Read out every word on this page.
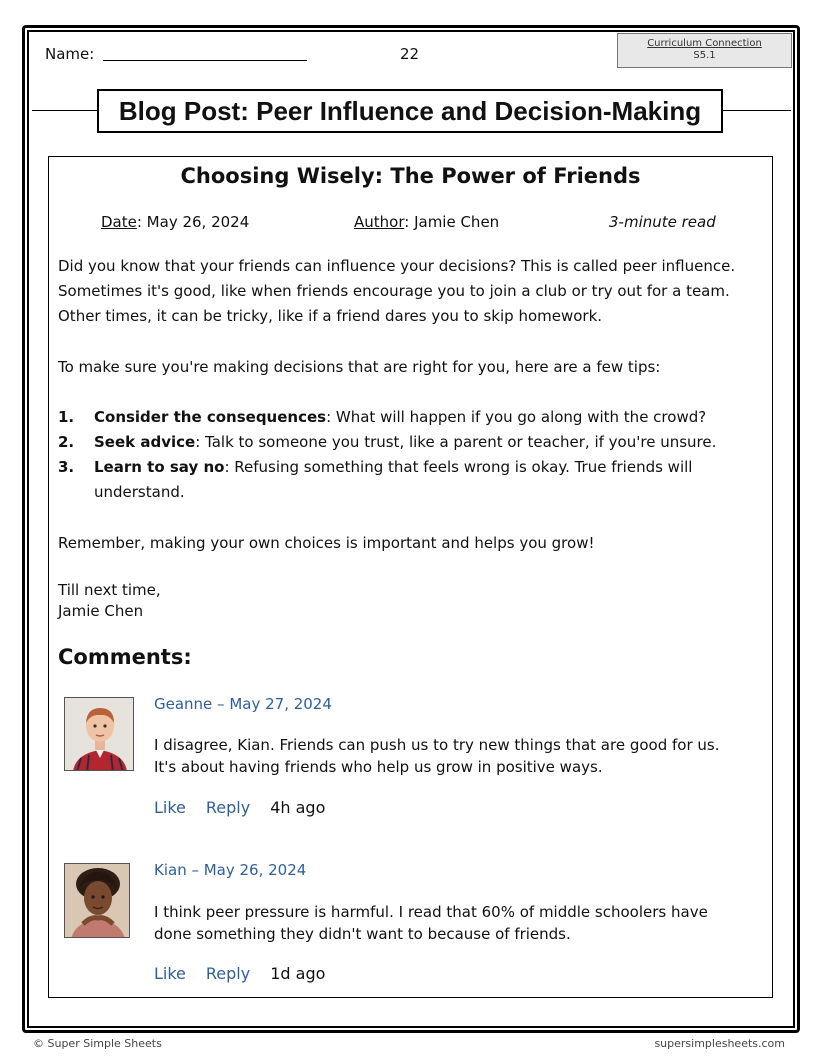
Name:	22
Curriculum Connection
S5.1
Blog Post: Peer Influence and Decision-Making
Choosing Wisely: The Power of Friends
Date: May 26, 2024	Author: Jamie Chen	3-minute read
Did you know that your friends can influence your decisions? This is called peer influence.
Sometimes it's good, like when friends encourage you to join a club or try out for a team.
Other times, it can be tricky, like if a friend dares you to skip homework.
To make sure you're making decisions that are right for you, here are a few tips:
1. Consider the consequences: What will happen if you go along with the crowd?
2. Seek advice: Talk to someone you trust, like a parent or teacher, if you're unsure.
3. Learn to say no: Refusing something that feels wrong is okay. True friends will understand.
Remember, making your own choices is important and helps you grow!
Till next time,
Jamie Chen
Comments:
Geanne – May 27, 2024
I disagree, Kian. Friends can push us to try new things that are good for us.
It's about having friends who help us grow in positive ways.
Like Reply 4h ago
Kian – May 26, 2024
I think peer pressure is harmful. I read that 60% of middle schoolers have
done something they didn't want to because of friends.
Like Reply 1d ago
© Super Simple Sheets	supersimplesheets.com
